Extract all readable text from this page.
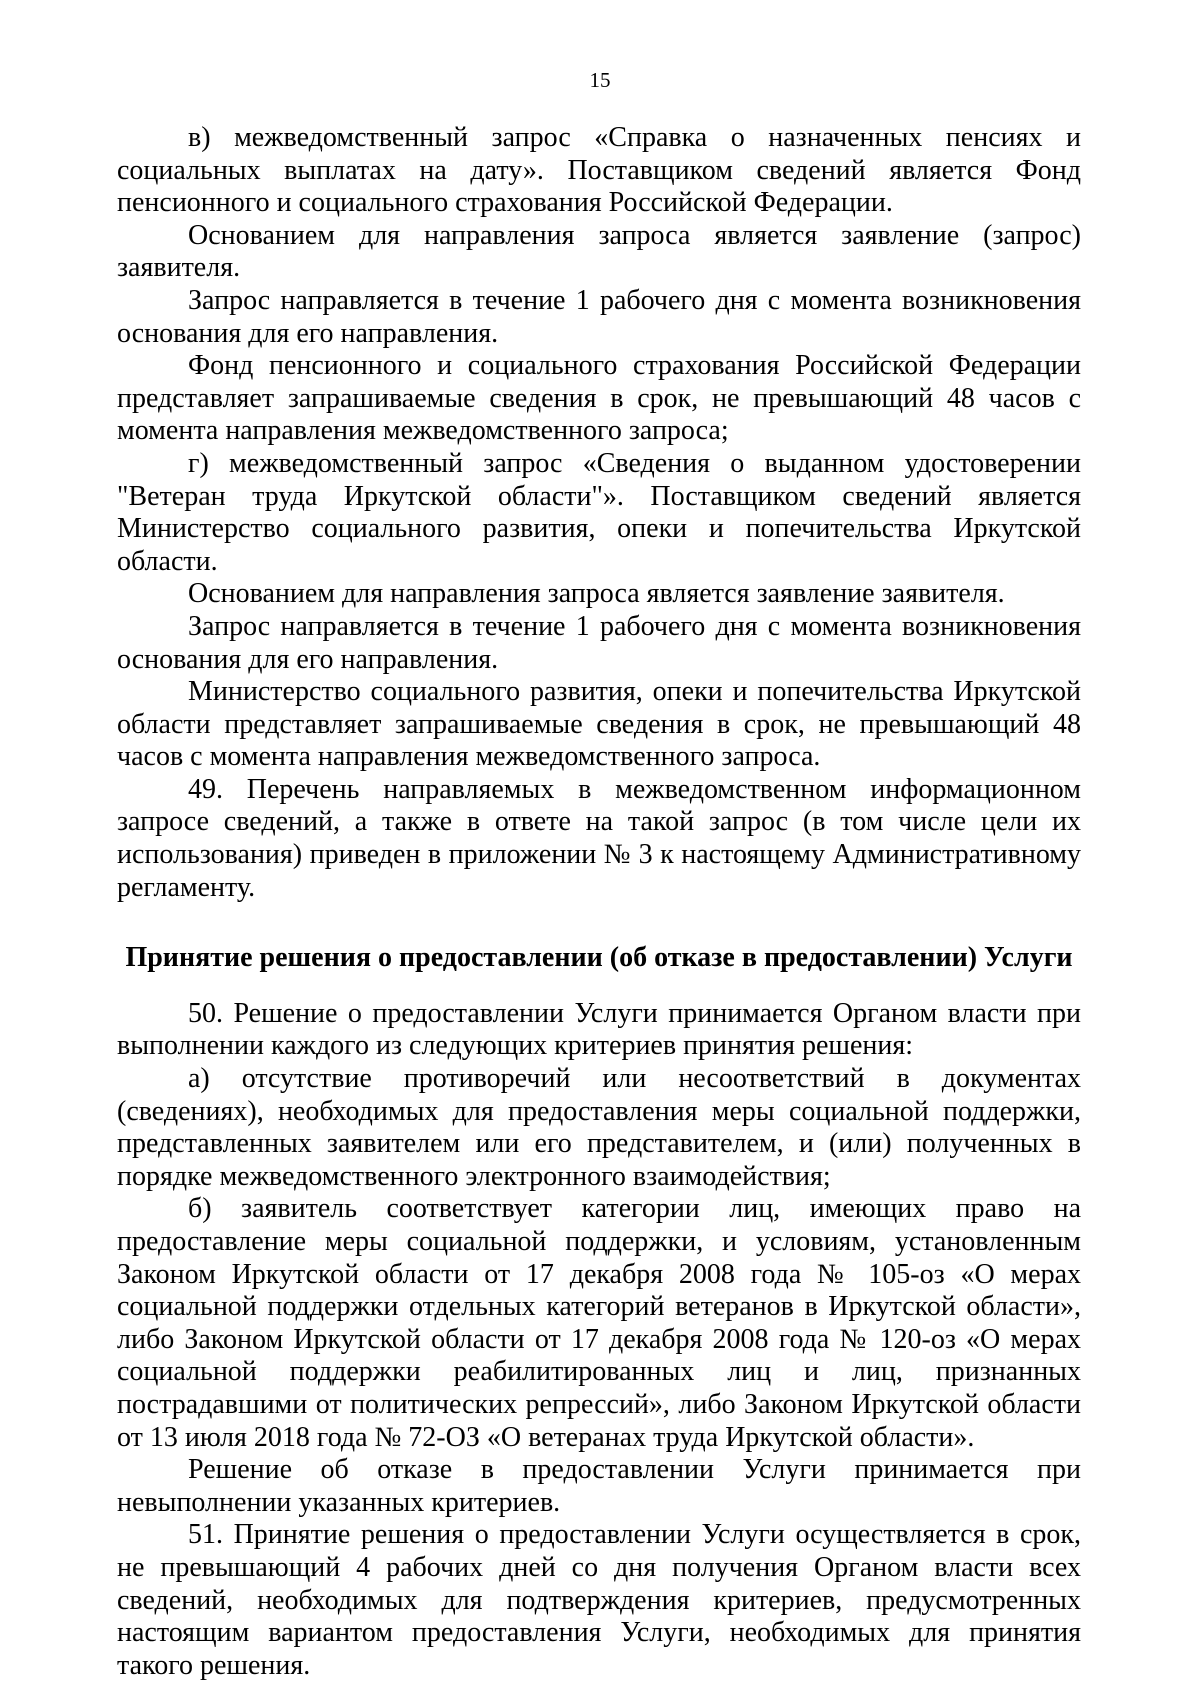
15

в) межведомственный запрос «Справка о назначенных пенсиях и социальных выплатах на дату». Поставщиком сведений является Фонд пенсионного и социального страхования Российской Федерации.

Основанием для направления запроса является заявление (запрос) заявителя.

Запрос направляется в течение 1 рабочего дня с момента возникновения основания для его направления.

Фонд пенсионного и социального страхования Российской Федерации представляет запрашиваемые сведения в срок, не превышающий 48 часов с момента направления межведомственного запроса;

г) межведомственный запрос «Сведения о выданном удостоверении "Ветеран труда Иркутской области"». Поставщиком сведений является Министерство социального развития, опеки и попечительства Иркутской области.

Основанием для направления запроса является заявление заявителя.

Запрос направляется в течение 1 рабочего дня с момента возникновения основания для его направления.

Министерство социального развития, опеки и попечительства Иркутской области представляет запрашиваемые сведения в срок, не превышающий 48 часов с момента направления межведомственного запроса.

49. Перечень направляемых в межведомственном информационном запросе сведений, а также в ответе на такой запрос (в том числе цели их использования) приведен в приложении № 3 к настоящему Административному регламенту.

Принятие решения о предоставлении (об отказе в предоставлении) Услуги

50. Решение о предоставлении Услуги принимается Органом власти при выполнении каждого из следующих критериев принятия решения:

а) отсутствие противоречий или несоответствий в документах (сведениях), необходимых для предоставления меры социальной поддержки, представленных заявителем или его представителем, и (или) полученных в порядке межведомственного электронного взаимодействия;

б) заявитель соответствует категории лиц, имеющих право на предоставление меры социальной поддержки, и условиям, установленным Законом Иркутской области от 17 декабря 2008 года № 105-оз «О мерах социальной поддержки отдельных категорий ветеранов в Иркутской области», либо Законом Иркутской области от 17 декабря 2008 года № 120-оз «О мерах социальной поддержки реабилитированных лиц и лиц, признанных пострадавшими от политических репрессий», либо Законом Иркутской области от 13 июля 2018 года № 72-ОЗ «О ветеранах труда Иркутской области».

Решение об отказе в предоставлении Услуги принимается при невыполнении указанных критериев.

51. Принятие решения о предоставлении Услуги осуществляется в срок, не превышающий 4 рабочих дней со дня получения Органом власти всех сведений, необходимых для подтверждения критериев, предусмотренных настоящим вариантом предоставления Услуги, необходимых для принятия такого решения.
